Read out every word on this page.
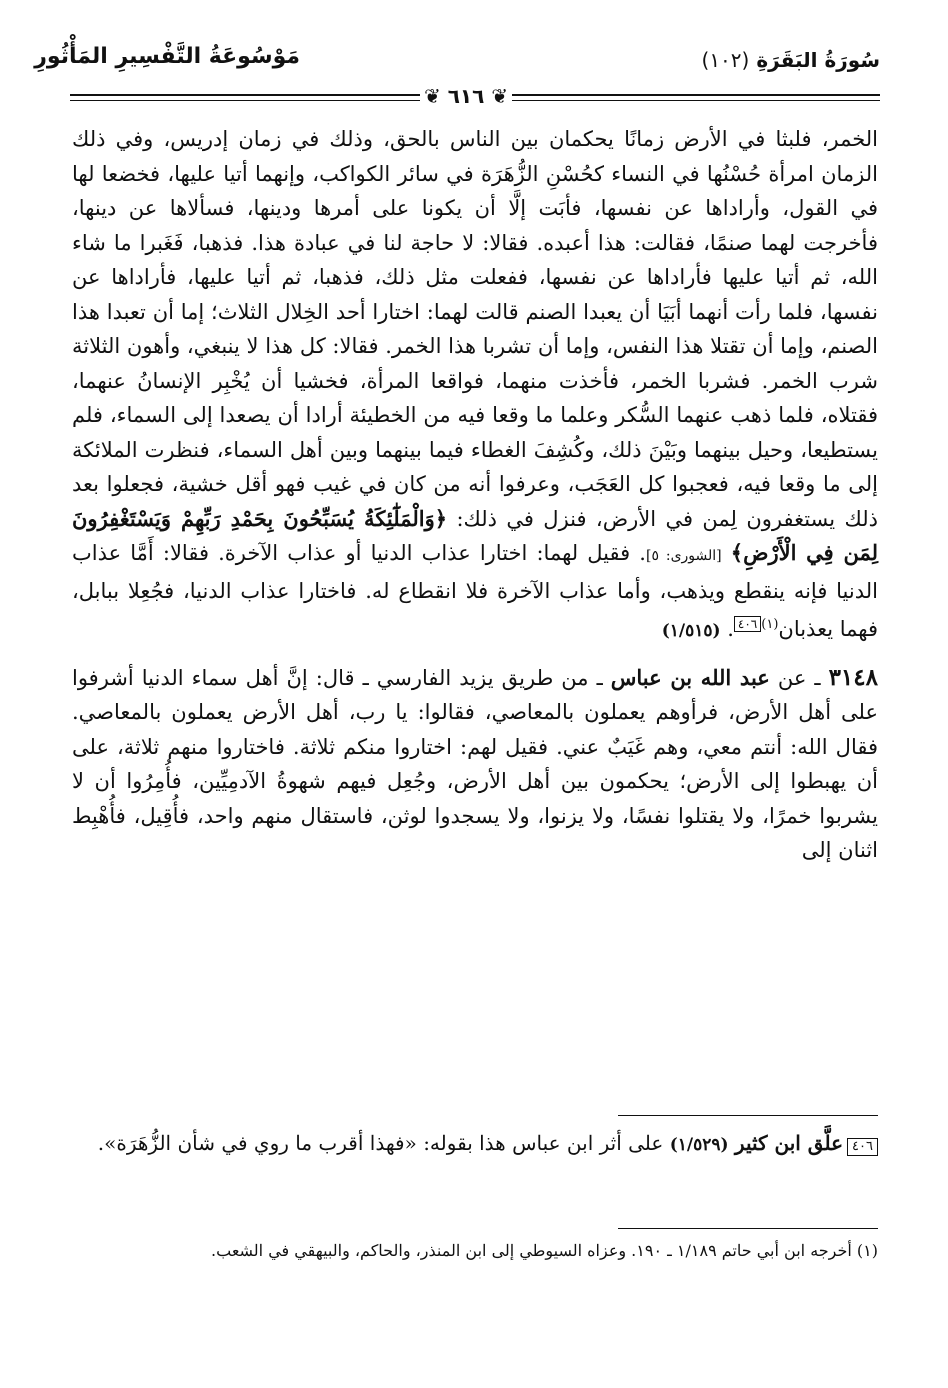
مَوْسُوعَةُ التَّفْسِيرِ المَأْثُورِ	سُورَةُ البَقَرَةِ (١٠٢)
❦ ٦١٦ ❦

الخمر، فلبثا في الأرض زمانًا يحكمان بين الناس بالحق، وذلك في زمان إدريس، وفي ذلك الزمان امرأة حُسْنُها في النساء كحُسْنِ الزُّهَرَة في سائر الكواكب، وإنهما أتيا عليها، فخضعا لها في القول، وأراداها عن نفسها، فأبَت إلَّا أن يكونا على أمرها ودينها، فسألاها عن دينها، فأخرجت لهما صنمًا، فقالت: هذا أعبده. فقالا: لا حاجة لنا في عبادة هذا. فذهبا، فَغَبرا ما شاء الله، ثم أتيا عليها فأراداها عن نفسها، ففعلت مثل ذلك، فذهبا، ثم أتيا عليها، فأراداها عن نفسها، فلما رأت أنهما أبَيَا أن يعبدا الصنم قالت لهما: اختارا أحد الخِلال الثلاث؛ إما أن تعبدا هذا الصنم، وإما أن تقتلا هذا النفس، وإما أن تشربا هذا الخمر. فقالا: كل هذا لا ينبغي، وأهون الثلاثة شرب الخمر. فشربا الخمر، فأخذت منهما، فواقعا المرأة، فخشيا أن يُخْبِر الإنسانُ عنهما، فقتلاه، فلما ذهب عنهما السُّكر وعلما ما وقعا فيه من الخطيئة أرادا أن يصعدا إلى السماء، فلم يستطيعا، وحيل بينهما وبَيْنَ ذلك، وكُشِفَ الغطاء فيما بينهما وبين أهل السماء، فنظرت الملائكة إلى ما وقعا فيه، فعجبوا كل العَجَب، وعرفوا أنه من كان في غيب فهو أقل خشية، فجعلوا بعد ذلك يستغفرون لِمن في الأرض، فنزل في ذلك: ﴿وَالْمَلَٰٓئِكَةُ يُسَبِّحُونَ بِحَمْدِ رَبِّهِمْ وَيَسْتَغْفِرُونَ لِمَن فِي الْأَرْضِ﴾ [الشورى: ٥]. فقيل لهما: اختارا عذاب الدنيا أو عذاب الآخرة. فقالا: أَمَّا عذاب الدنيا فإنه ينقطع ويذهب، وأما عذاب الآخرة فلا انقطاع له. فاختارا عذاب الدنيا، فجُعِلا ببابل، فهما يعذبان$^{(١)}$٤٠٦. (١/٥١٥)

٣١٤٨ ـ عن عبد الله بن عباس ـ من طريق يزيد الفارسي ـ قال: إنَّ أهل سماء الدنيا أشرفوا على أهل الأرض، فرأوهم يعملون بالمعاصي، فقالوا: يا رب، أهل الأرض يعملون بالمعاصي. فقال الله: أنتم معي، وهم غَيَبٌ عني. فقيل لهم: اختاروا منكم ثلاثة. فاختاروا منهم ثلاثة، على أن يهبطوا إلى الأرض؛ يحكمون بين أهل الأرض، وجُعِل فيهم شهوةُ الآدمِيِّين، فأُمِرُوا أن لا يشربوا خمرًا، ولا يقتلوا نفسًا، ولا يزنوا، ولا يسجدوا لوثن، فاستقال منهم واحد، فأُقِيل، فأُهْبِط اثنان إلى

٤٠٦علَّق ابن كثير (١/٥٢٩) على أثر ابن عباس هذا بقوله: «فهذا أقرب ما روي في شأن الزُّهَرَة».
(١) أخرجه ابن أبي حاتم ١/١٨٩ ـ ١٩٠. وعزاه السيوطي إلى ابن المنذر، والحاكم، والبيهقي في الشعب.
